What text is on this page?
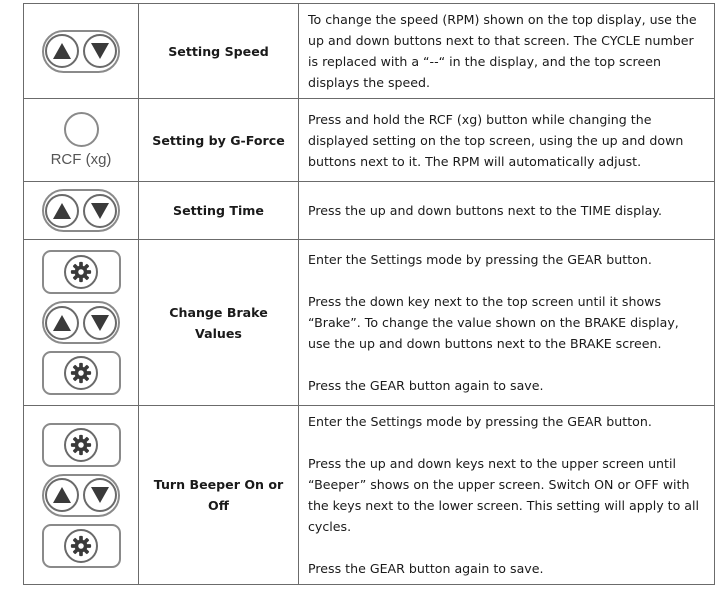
	Setting Speed	To change the speed (RPM) shown on the top display, use the up and down buttons next to that screen. The CYCLE number is replaced with a “--“ in the display, and the top screen displays the speed.

RCF (xg)	Setting by G-Force	Press and hold the RCF (xg) button while changing the displayed setting on the top screen, using the up and down buttons next to it. The RPM will automatically adjust.

	Setting Time	Press the up and down buttons next to the TIME display.

	Change Brake Values	Enter the Settings mode by pressing the GEAR button.

Press the down key next to the top screen until it shows “Brake”. To change the value shown on the BRAKE display, use the up and down buttons next to the BRAKE screen.

Press the GEAR button again to save.

	Turn Beeper On or Off	Enter the Settings mode by pressing the GEAR button.

Press the up and down keys next to the upper screen until “Beeper” shows on the upper screen. Switch ON or OFF with the keys next to the lower screen. This setting will apply to all cycles.

Press the GEAR button again to save.
